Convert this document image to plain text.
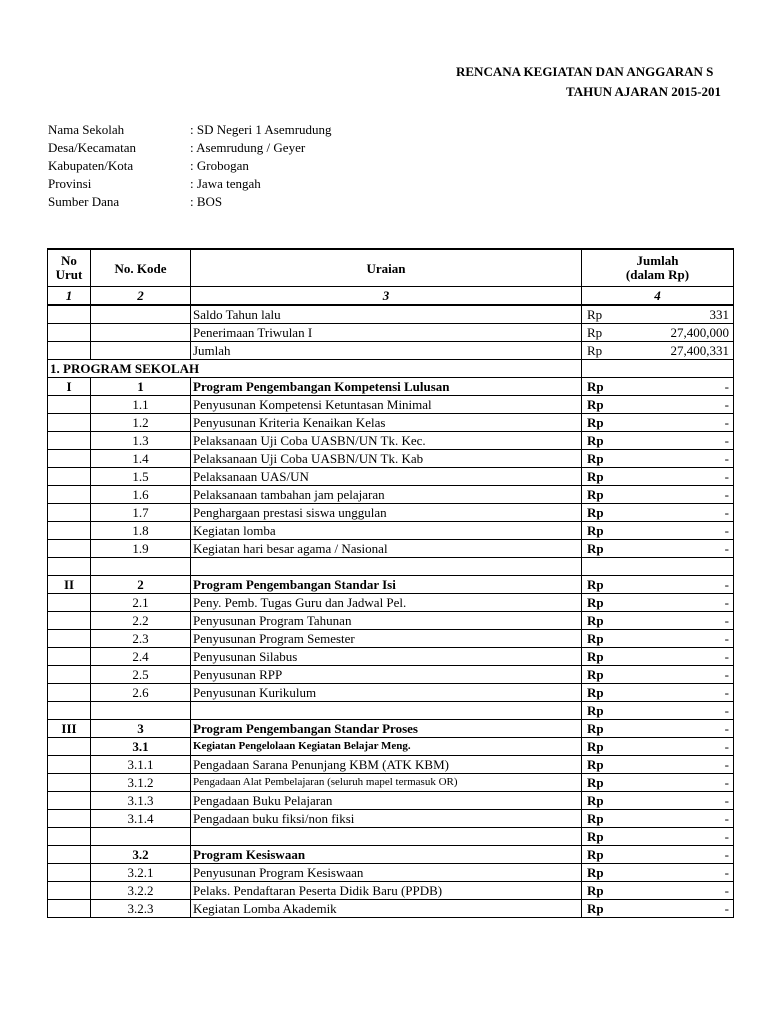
RENCANA KEGIATAN DAN ANGGARAN S
TAHUN AJARAN 2015-201
Nama Sekolah	: SD Negeri 1 Asemrudung
Desa/Kecamatan	: Asemrudung / Geyer
Kabupaten/Kota	: Grobogan
Provinsi	: Jawa tengah
Sumber Dana	: BOS
No
Urut	No. Kode	Uraian	Jumlah
(dalam Rp)
1	2	3	4
		Saldo Tahun lalu	Rp 331

		Penerimaan Triwulan I	Rp 27,400,000

		Jumlah	Rp 27,400,331

1. PROGRAM SEKOLAH			
I	1	Program Pengembangan Kompetensi Lulusan	Rp -

	1.1	Penyusunan Kompetensi Ketuntasan Minimal	Rp -

	1.2	Penyusunan Kriteria Kenaikan Kelas	Rp -

	1.3	Pelaksanaan Uji Coba UASBN/UN Tk. Kec.	Rp -

	1.4	Pelaksanaan Uji Coba UASBN/UN Tk. Kab	Rp -

	1.5	Pelaksanaan UAS/UN	Rp -

	1.6	Pelaksanaan tambahan jam pelajaran	Rp -

	1.7	Penghargaan prestasi siswa unggulan	Rp -

	1.8	Kegiatan lomba	Rp -

	1.9	Kegiatan hari besar agama / Nasional	Rp -

II	2	Program Pengembangan Standar Isi	Rp -

	2.1	Peny. Pemb. Tugas Guru dan Jadwal Pel.	Rp -

	2.2	Penyusunan Program Tahunan	Rp -

	2.3	Penyusunan Program Semester	Rp -

	2.4	Penyusunan Silabus	Rp -

	2.5	Penyusunan RPP	Rp -

	2.6	Penyusunan Kurikulum	Rp -

			Rp -

III	3	Program Pengembangan Standar Proses	Rp -

	3.1	Kegiatan Pengelolaan Kegiatan Belajar Meng.	Rp -

	3.1.1	Pengadaan Sarana Penunjang KBM (ATK KBM)	Rp -

	3.1.2	Pengadaan Alat Pembelajaran (seluruh mapel termasuk OR)	Rp -

	3.1.3	Pengadaan Buku Pelajaran	Rp -

	3.1.4	Pengadaan buku fiksi/non fiksi	Rp -

			Rp -

	3.2	Program Kesiswaan	Rp -

	3.2.1	Penyusunan Program Kesiswaan	Rp -

	3.2.2	Pelaks. Pendaftaran Peserta Didik Baru (PPDB)	Rp -

	3.2.3	Kegiatan Lomba Akademik	Rp -
